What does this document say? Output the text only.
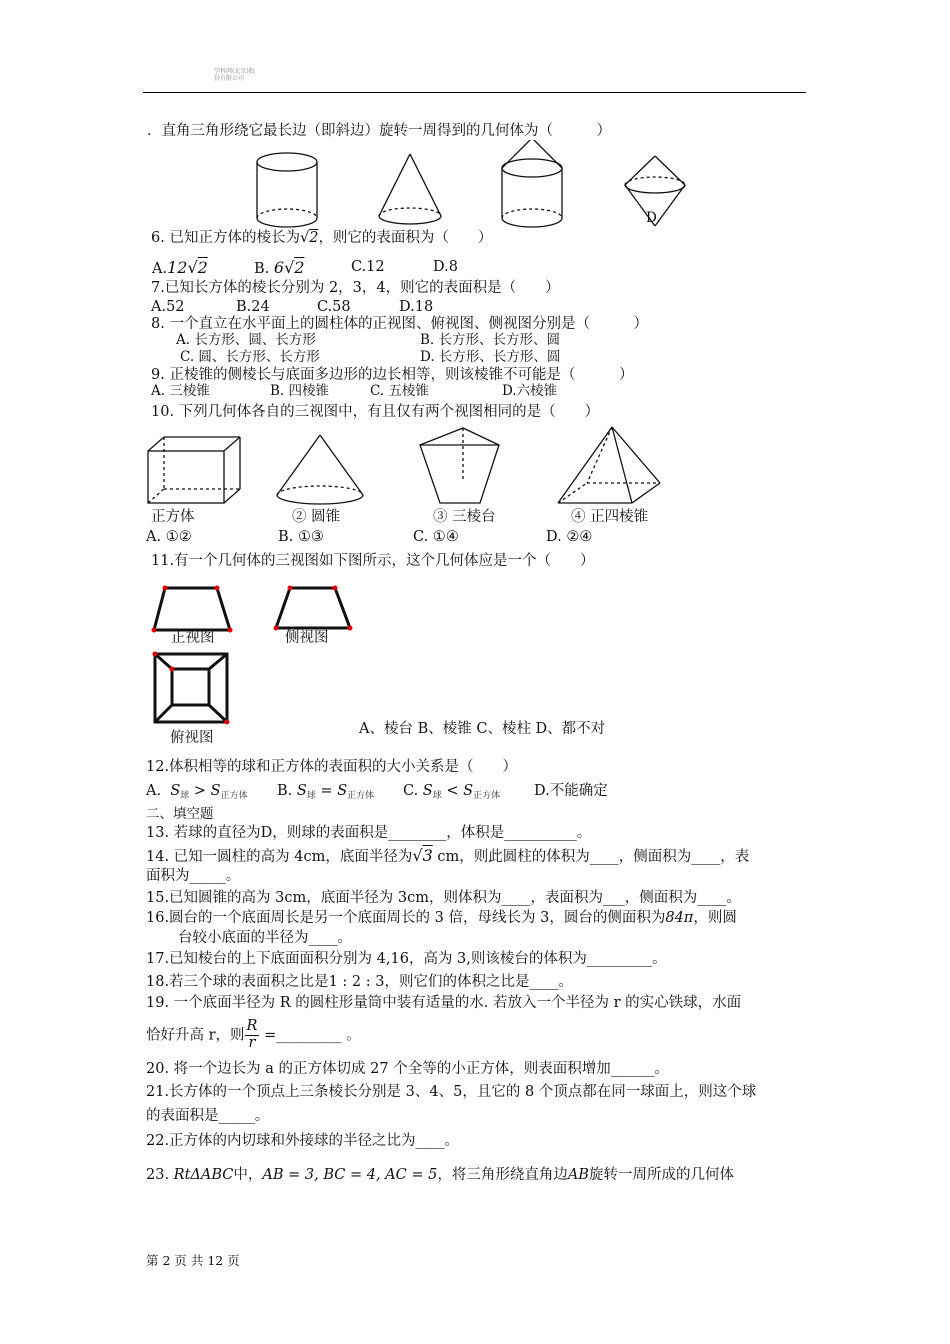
学科网(北京)股份有限公司
．直角三角形绕它最长边（即斜边）旋转一周得到的几何体为（　　　）
D.
6. 已知正方体的棱长为√2，则它的表面积为（　　）
A.12√2	B. 6√2	C.12	D.8
7.已知长方体的棱长分别为 2，3，4，则它的表面积是（　　）
A.52	B.24	C.58	D.18
8. 一个直立在水平面上的圆柱体的正视图、俯视图、侧视图分别是（　　　）
A. 长方形、圆、长方形	B. 长方形、长方形、圆
C. 圆、长方形、长方形	D. 长方形、长方形、圆
9. 正棱锥的侧棱长与底面多边形的边长相等，则该棱锥不可能是（　　　）
A. 三棱锥	B. 四棱锥	C. 五棱锥	D.六棱锥
10. 下列几何体各自的三视图中，有且仅有两个视图相同的是（　　）
正方体	② 圆锥	③ 三棱台	④ 正四棱锥
A. ①②	B. ①③	C. ①④	D. ②④
11.有一个几何体的三视图如下图所示，这个几何体应是一个（　　）
正视图	侧视图
俯视图
A、棱台 B、棱锥 C、棱柱 D、都不对
12.体积相等的球和正方体的表面积的大小关系是（　　）
A. $S_球 > S_{正方体}$ B. $S_球 = S_{正方体}$ C. $S_球 < S_{正方体}$ D.不能确定
二、填空题
13. 若球的直径为D，则球的表面积是________，体积是__________。
14. 已知一圆柱的高为 4cm，底面半径为√3 cm，则此圆柱的体积为____，侧面积为____，表
面积为_____。
15.已知圆锥的高为 3cm，底面半径为 3cm，则体积为____，表面积为___，侧面积为____。
16.圆台的一个底面周长是另一个底面周长的 3 倍，母线长为 3，圆台的侧面积为84π，则圆
台较小底面的半径为____。
17.已知棱台的上下底面面积分别为 4,16，高为 3,则该棱台的体积为_________。
18.若三个球的表面积之比是1 : 2 : 3，则它们的体积之比是____。
19. 一个底面半径为 R 的圆柱形量筒中装有适量的水. 若放入一个半径为 r 的实心铁球，水面
恰好升高 r，则 $\frac{R}{r}$ =_________ 。
20. 将一个边长为 a 的正方体切成 27 个全等的小正方体，则表面积增加______。
21.长方体的一个顶点上三条棱长分别是 3、4、5，且它的 8 个顶点都在同一球面上，则这个球
的表面积是_____。
22.正方体的内切球和外接球的半径之比为____。
23. RtΔABC中，AB = 3, BC = 4, AC = 5，将三角形绕直角边AB旋转一周所成的几何体
第 2 页 共 12 页
